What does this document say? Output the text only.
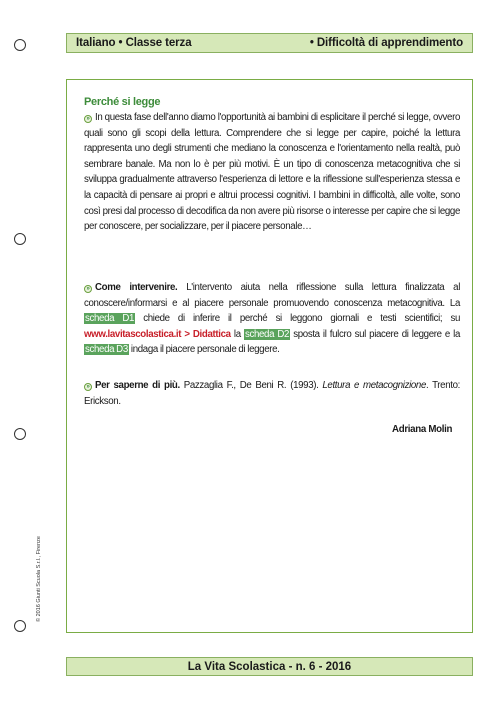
Italiano • Classe terza	• Difficoltà di apprendimento
Perché si legge
» In questa fase dell'anno diamo l'opportunità ai bambini di esplicitare il perché si legge, ovvero quali sono gli scopi della lettura. Comprendere che si legge per capire, poiché la lettura rappresenta uno degli strumenti che mediano la conoscenza e l'orientamento nella realtà, può sembrare banale. Ma non lo è per più motivi. È un tipo di conoscenza metacognitiva che si sviluppa gradualmente attraverso l'esperienza di lettore e la riflessione sull'esperienza stessa e la capacità di pensare ai propri e altrui processi cognitivi. I bambini in difficoltà, alle volte, sono così presi dal processo di decodifica da non avere più risorse o interesse per capire che si legge per conoscere, per socializzare, per il piacere personale…
» Come intervenire. L'intervento aiuta nella riflessione sulla lettura finalizzata al conoscere/informarsi e al piacere personale promuovendo conoscenza metacognitiva. La scheda D1 chiede di inferire il perché si leggono giornali e testi scientifici; su www.lavitascolastica.it > Didattica la scheda D2 sposta il fulcro sul piacere di leggere e la scheda D3 indaga il piacere personale di leggere.
» Per saperne di più. Pazzaglia F., De Beni R. (1993). Lettura e metacognizione. Trento: Erickson.
Adriana Molin
© 2016 Giunti Scuola S.r.l., Firenze
La Vita Scolastica - n. 6 - 2016
